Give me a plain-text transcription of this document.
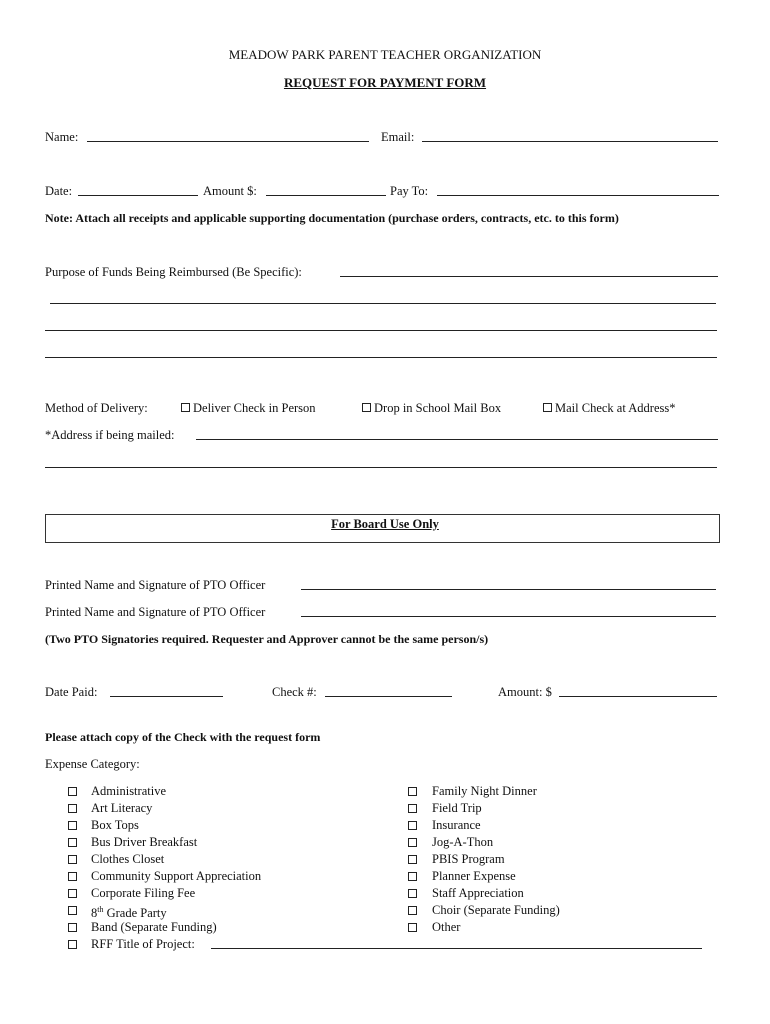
MEADOW PARK PARENT TEACHER ORGANIZATION
REQUEST FOR PAYMENT FORM
Name:	Email:
Date:	Amount $:	Pay To:
Note: Attach all receipts and applicable supporting documentation (purchase orders, contracts, etc. to this form)
Purpose of Funds Being Reimbursed (Be Specific):
Method of Delivery:	Deliver Check in Person	Drop in School Mail Box	Mail Check at Address*
*Address if being mailed:
For Board Use Only
Printed Name and Signature of PTO Officer
Printed Name and Signature of PTO Officer
(Two PTO Signatories required. Requester and Approver cannot be the same person/s)
Date Paid:	Check #:	Amount: $
Please attach copy of the Check with the request form
Expense Category:
Administrative
Art Literacy
Box Tops
Bus Driver Breakfast
Clothes Closet
Community Support Appreciation
Corporate Filing Fee
8th Grade Party
Band (Separate Funding)
RFF Title of Project:
Family Night Dinner
Field Trip
Insurance
Jog-A-Thon
PBIS Program
Planner Expense
Staff Appreciation
Choir (Separate Funding)
Other
